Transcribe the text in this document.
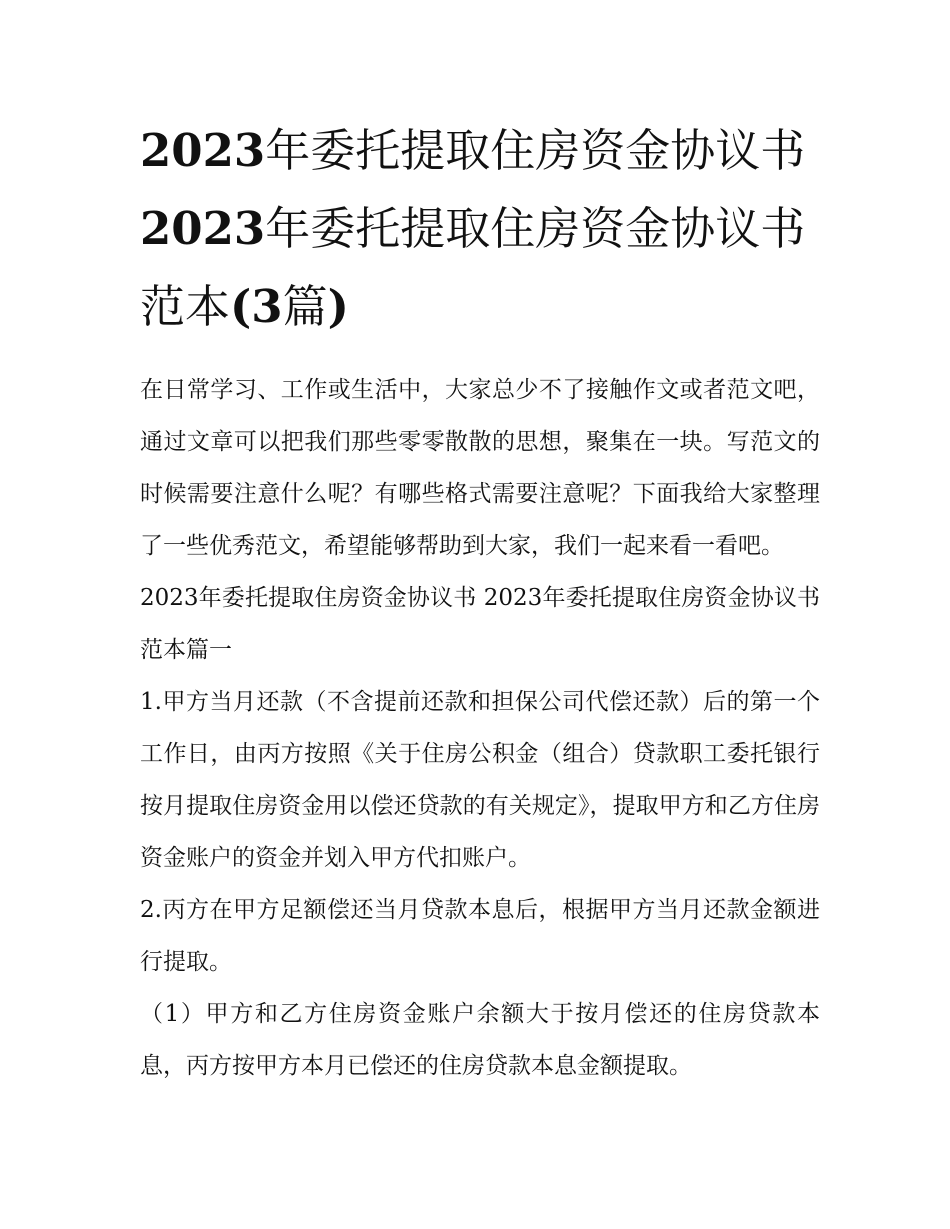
2023年委托提取住房资金协议书2023年委托提取住房资金协议书范本(3篇)

在日常学习、工作或生活中，大家总少不了接触作文或者范文吧，通过文章可以把我们那些零零散散的思想，聚集在一块。写范文的时候需要注意什么呢？有哪些格式需要注意呢？下面我给大家整理了一些优秀范文，希望能够帮助到大家，我们一起来看一看吧。

2023年委托提取住房资金协议书 2023年委托提取住房资金协议书范本篇一

1.甲方当月还款（不含提前还款和担保公司代偿还款）后的第一个工作日，由丙方按照《关于住房公积金（组合）贷款职工委托银行按月提取住房资金用以偿还贷款的有关规定》，提取甲方和乙方住房资金账户的资金并划入甲方代扣账户。

2.丙方在甲方足额偿还当月贷款本息后，根据甲方当月还款金额进行提取。

（1）甲方和乙方住房资金账户余额大于按月偿还的住房贷款本息，丙方按甲方本月已偿还的住房贷款本息金额提取。
